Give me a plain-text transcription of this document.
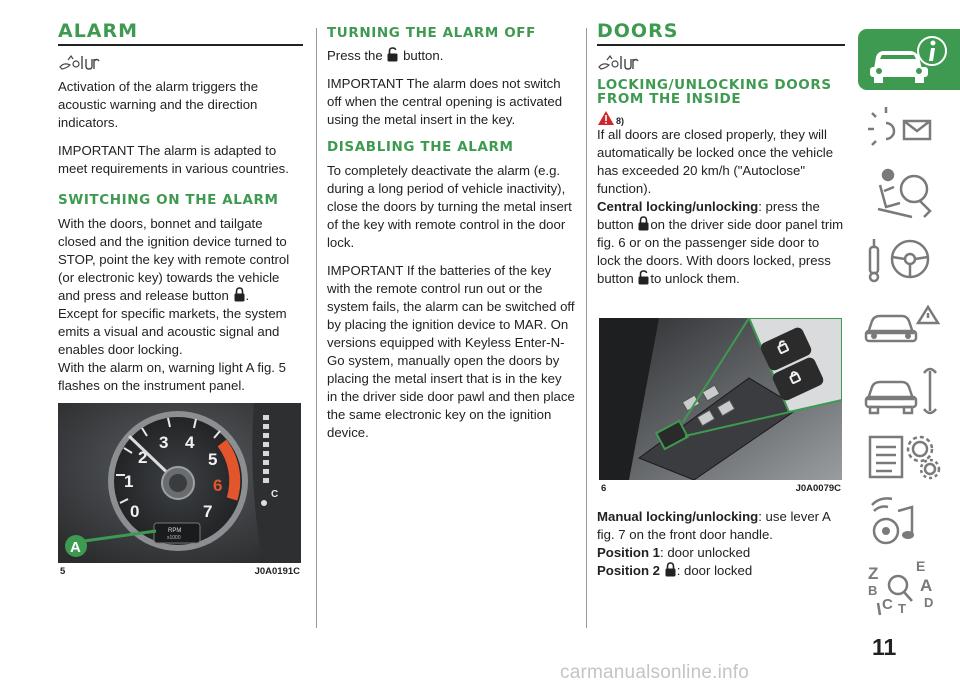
ALARM

Activation of the alarm triggers the acoustic warning and the direction indicators.

IMPORTANT The alarm is adapted to meet requirements in various countries.

SWITCHING ON THE ALARM

With the doors, bonnet and tailgate closed and the ignition device turned to STOP, point the key with remote control (or electronic key) towards the vehicle and press and release button .

Except for specific markets, the system emits a visual and acoustic signal and enables door locking.

With the alarm on, warning light A fig. 5 flashes on the instrument panel.

0
1
2
3 4
5
6
7
RPM
x1000
C
A
5	J0A0191C
TURNING THE ALARM OFF

Press the button.

IMPORTANT The alarm does not switch off when the central opening is activated using the metal insert in the key.

DISABLING THE ALARM

To completely deactivate the alarm (e.g. during a long period of vehicle inactivity), close the doors by turning the metal insert of the key with remote control in the door lock.

IMPORTANT If the batteries of the key with the remote control run out or the system fails, the alarm can be switched off by placing the ignition device to MAR. On versions equipped with Keyless Enter-N-Go system, manually open the doors by placing the metal insert that is in the key in the driver side door pawl and then place the same electronic key on the ignition device.

DOORS
LOCKING/UNLOCKING DOORS FROM THE INSIDE
8)

If all doors are closed properly, they will automatically be locked once the vehicle has exceeded 20 km/h ("Autoclose" function).

Central locking/unlocking: press the button on the driver side door panel trim fig. 6 or on the passenger side door to lock the doors. With doors locked, press button to unlock them.

6	J0A0079C

Manual locking/unlocking: use lever A fig. 7 on the front door handle.

Position 1: door unlocked

Position 2 : door locked	Z	E
A
B
C T D
11
carmanualsonline.info
